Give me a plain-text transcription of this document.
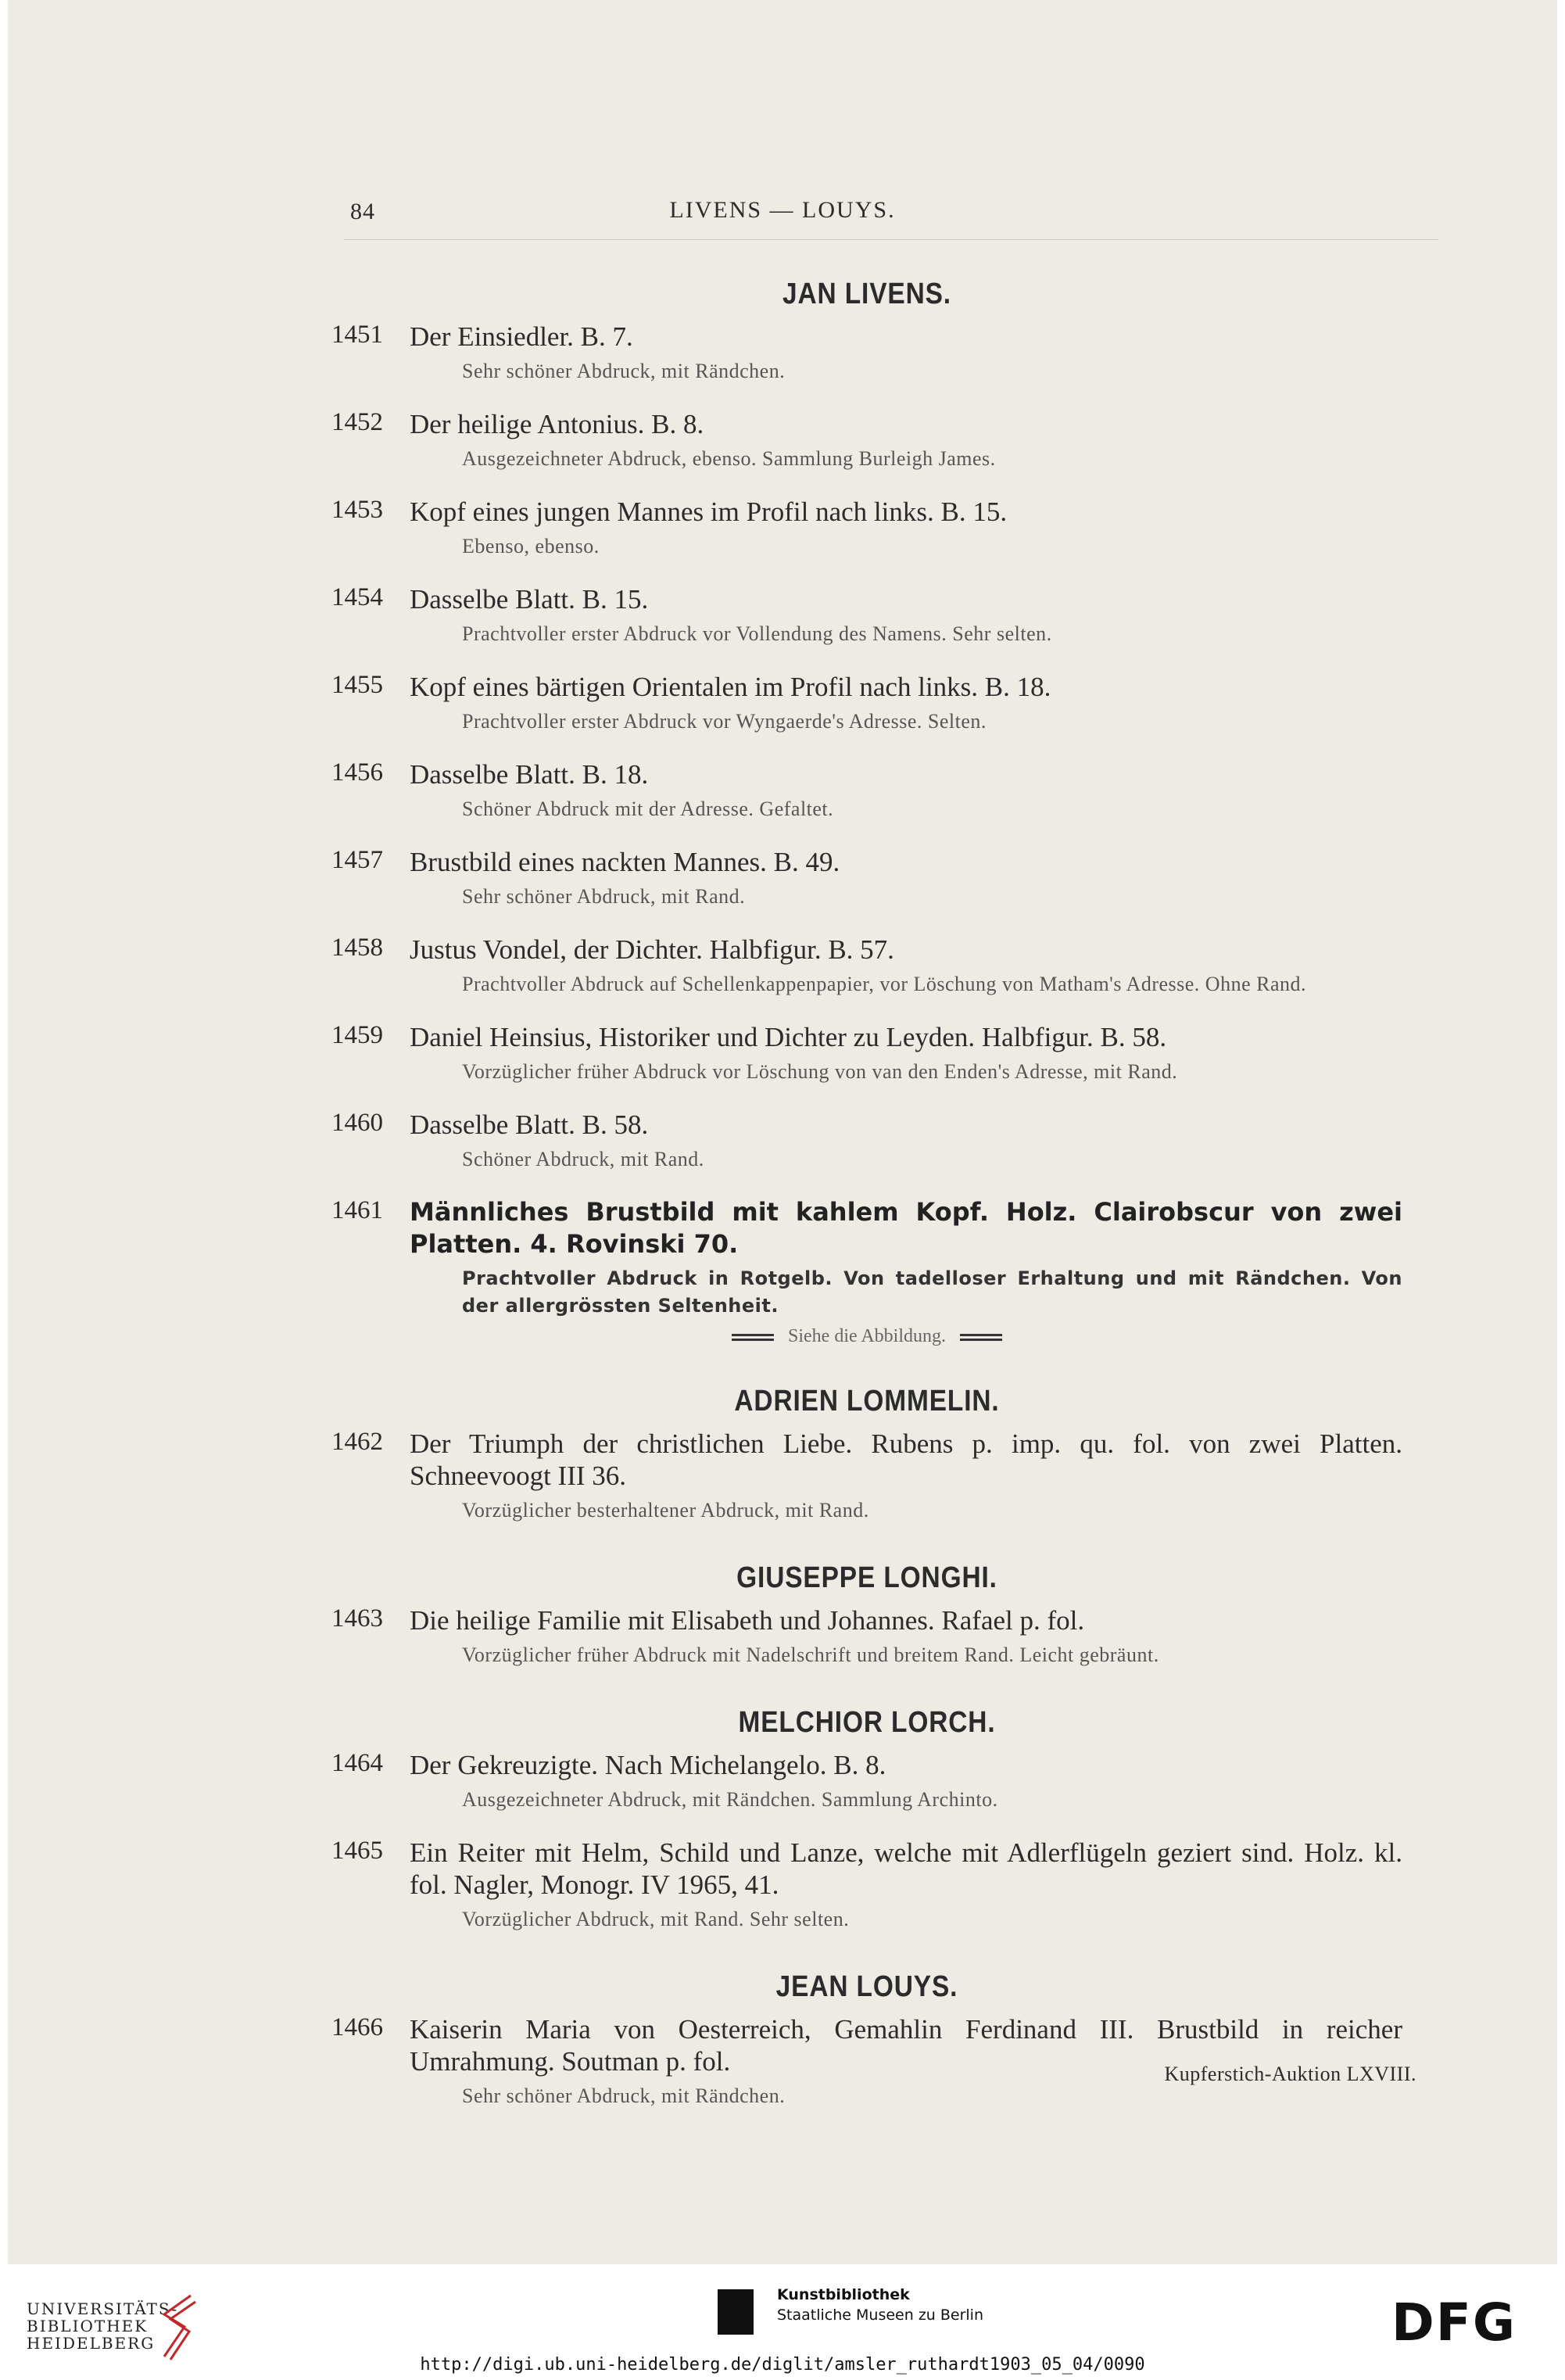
84	LIVENS — LOUYS.
JAN LIVENS.
1451 Der Einsiedler. B. 7.
Sehr schöner Abdruck, mit Rändchen.
1452 Der heilige Antonius. B. 8.
Ausgezeichneter Abdruck, ebenso. Sammlung Burleigh James.
1453 Kopf eines jungen Mannes im Profil nach links. B. 15.
Ebenso, ebenso.
1454 Dasselbe Blatt. B. 15.
Prachtvoller erster Abdruck vor Vollendung des Namens. Sehr selten.
1455 Kopf eines bärtigen Orientalen im Profil nach links. B. 18.
Prachtvoller erster Abdruck vor Wyngaerde's Adresse. Selten.
1456 Dasselbe Blatt. B. 18.
Schöner Abdruck mit der Adresse. Gefaltet.
1457 Brustbild eines nackten Mannes. B. 49.
Sehr schöner Abdruck, mit Rand.
1458 Justus Vondel, der Dichter. Halbfigur. B. 57.
Prachtvoller Abdruck auf Schellenkappenpapier, vor Löschung von Matham's Adresse. Ohne Rand.
1459 Daniel Heinsius, Historiker und Dichter zu Leyden. Halbfigur. B. 58.
Vorzüglicher früher Abdruck vor Löschung von van den Enden's Adresse, mit Rand.
1460 Dasselbe Blatt. B. 58.
Schöner Abdruck, mit Rand.
1461	Männliches Brustbild mit kahlem Kopf. Holz. Clairobscur von zwei Platten. 4. Rovinski 70.
Prachtvoller Abdruck in Rotgelb. Von tadelloser Erhaltung und mit Rändchen. Von der allergrössten Seltenheit.
Siehe die Abbildung.
ADRIEN LOMMELIN.
1462 Der Triumph der christlichen Liebe. Rubens p. imp. qu. fol. von zwei Platten. Schneevoogt III 36.
Vorzüglicher besterhaltener Abdruck, mit Rand.
GIUSEPPE LONGHI.
1463 Die heilige Familie mit Elisabeth und Johannes. Rafael p. fol.
Vorzüglicher früher Abdruck mit Nadelschrift und breitem Rand. Leicht gebräunt.
MELCHIOR LORCH.
1464 Der Gekreuzigte. Nach Michelangelo. B. 8.
Ausgezeichneter Abdruck, mit Rändchen. Sammlung Archinto.
1465 Ein Reiter mit Helm, Schild und Lanze, welche mit Adlerflügeln geziert sind. Holz. kl. fol. Nagler, Monogr. IV 1965, 41.
Vorzüglicher Abdruck, mit Rand. Sehr selten.
JEAN LOUYS.
1466 Kaiserin Maria von Oesterreich, Gemahlin Ferdinand III. Brustbild in reicher Umrahmung. Soutman p. fol.
Sehr schöner Abdruck, mit Rändchen.
Kupferstich-Auktion LXVIII.
UNIVERSITÄTS-
BIBLIOTHEK
HEIDELBERG
Kunstbibliothek
Staatliche Museen zu Berlin	DFG
http://digi.ub.uni-heidelberg.de/diglit/amsler_ruthardt1903_05_04/0090
